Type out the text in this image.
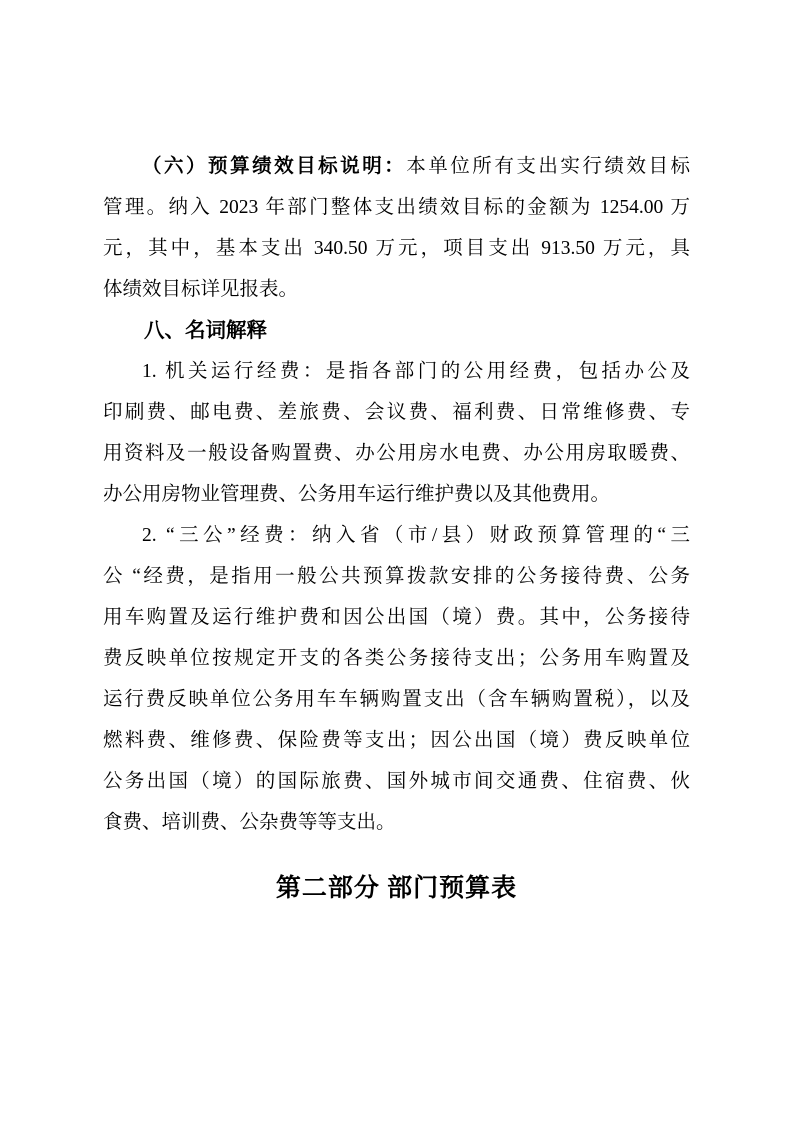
（六）预算绩效目标说明：本单位所有支出实行绩效目标
管理。纳入 2023 年部门整体支出绩效目标的金额为 1254.00 万
元，其中，基本支出 340.50 万元，项目支出 913.50 万元，具
体绩效目标详见报表。
八、名词解释
1. 机关运行经费：是指各部门的公用经费，包括办公及
印刷费、邮电费、差旅费、会议费、福利费、日常维修费、专
用资料及一般设备购置费、办公用房水电费、办公用房取暖费、
办公用房物业管理费、公务用车运行维护费以及其他费用。
2. “三公”经费：纳入省（市/县）财政预算管理的“三
公 “经费，是指用一般公共预算拨款安排的公务接待费、公务
用车购置及运行维护费和因公出国（境）费。其中，公务接待
费反映单位按规定开支的各类公务接待支出；公务用车购置及
运行费反映单位公务用车车辆购置支出（含车辆购置税），以及
燃料费、维修费、保险费等支出；因公出国（境）费反映单位
公务出国（境）的国际旅费、国外城市间交通费、住宿费、伙
食费、培训费、公杂费等等支出。
第二部分 部门预算表
